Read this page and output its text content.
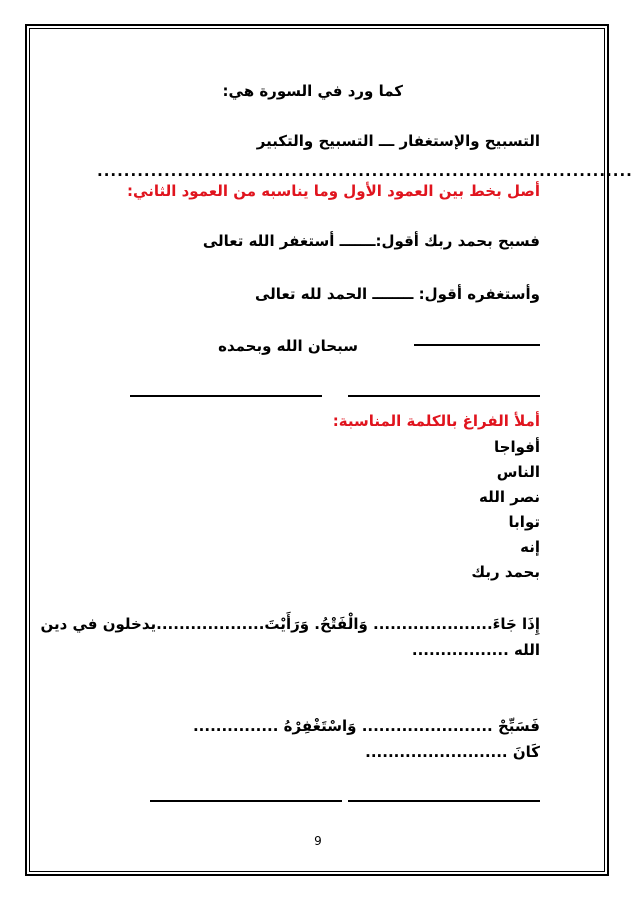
كما ورد في السورة هي:
التسبيح والإستغفار ـــ التسبيح والتكبير
................................................................................
أصل بخط بين العمود الأول وما يناسبه من العمود الثاني:
فسبح بحمد ربك أقول:ـــــــ أستغفر الله تعالى
وأستغفره أقول: ــــــــ الحمد لله تعالى
سبحان الله وبحمده
أملأ الفراغ بالكلمة المناسبة:
أفواجا
الناس
نصر الله
توابا
إنه
بحمد ربك
إِذَا جَاءَ..................... وَالْفَتْحُ. وَرَأَيْتَ...................يدخلون في دين
الله .................
فَسَبِّحْ ....................... وَاسْتَغْفِرْهُ ...............
كَانَ .........................
9
